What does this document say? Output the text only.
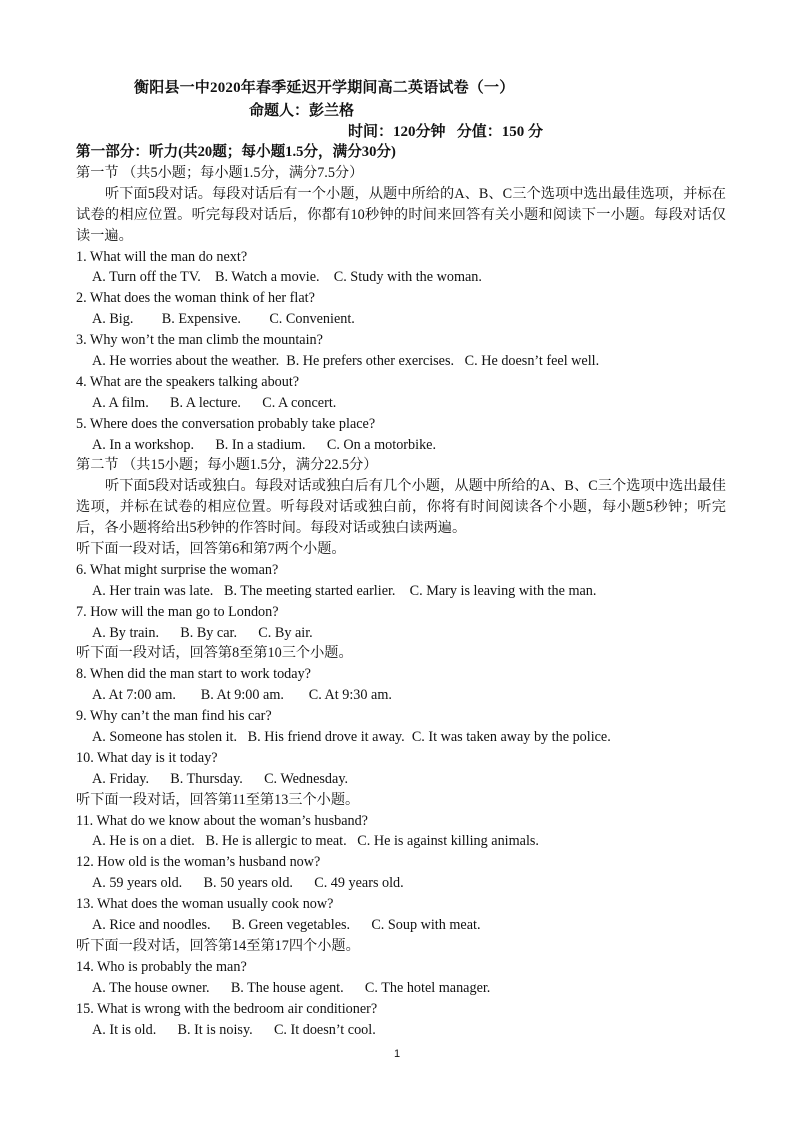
衡阳县一中2020年春季延迟开学期间高二英语试卷（一）
命题人：彭兰格
时间：120分钟   分值：150 分
第一部分：听力(共20题；每小题1.5分，满分30分)
第一节 （共5小题；每小题1.5分，满分7.5分）
听下面5段对话。每段对话后有一个小题，从题中所给的A、B、C三个选项中选出最佳选项，并标在试卷的相应位置。听完每段对话后，你都有10秒钟的时间来回答有关小题和阅读下一小题。每段对话仅读一遍。
1. What will the man do next?
A. Turn off the TV.    B. Watch a movie.    C. Study with the woman.
2. What does the woman think of her flat?
A. Big.        B. Expensive.        C. Convenient.
3. Why won’t the man climb the mountain?
A. He worries about the weather.  B. He prefers other exercises.   C. He doesn’t feel well.
4. What are the speakers talking about?
A. A film.      B. A lecture.      C. A concert.
5. Where does the conversation probably take place?
A. In a workshop.      B. In a stadium.      C. On a motorbike.
第二节 （共15小题；每小题1.5分，满分22.5分）
听下面5段对话或独白。每段对话或独白后有几个小题，从题中所给的A、B、C三个选项中选出最佳选项，并标在试卷的相应位置。听每段对话或独白前，你将有时间阅读各个小题，每小题5秒钟；听完后，各小题将给出5秒钟的作答时间。每段对话或独白读两遍。
听下面一段对话，回答第6和第7两个小题。
6. What might surprise the woman?
A. Her train was late.   B. The meeting started earlier.    C. Mary is leaving with the man.
7. How will the man go to London?
A. By train.      B. By car.      C. By air.
听下面一段对话，回答第8至第10三个小题。
8. When did the man start to work today?
A. At 7:00 am.       B. At 9:00 am.       C. At 9:30 am.
9. Why can’t the man find his car?
A. Someone has stolen it.   B. His friend drove it away.  C. It was taken away by the police.
10. What day is it today?
A. Friday.      B. Thursday.      C. Wednesday.
听下面一段对话，回答第11至第13三个小题。
11. What do we know about the woman’s husband?
A. He is on a diet.   B. He is allergic to meat.   C. He is against killing animals.
12. How old is the woman’s husband now?
A. 59 years old.      B. 50 years old.      C. 49 years old.
13. What does the woman usually cook now?
A. Rice and noodles.      B. Green vegetables.      C. Soup with meat.
听下面一段对话，回答第14至第17四个小题。
14. Who is probably the man?
A. The house owner.      B. The house agent.      C. The hotel manager.
15. What is wrong with the bedroom air conditioner?
A. It is old.      B. It is noisy.      C. It doesn’t cool.
1
